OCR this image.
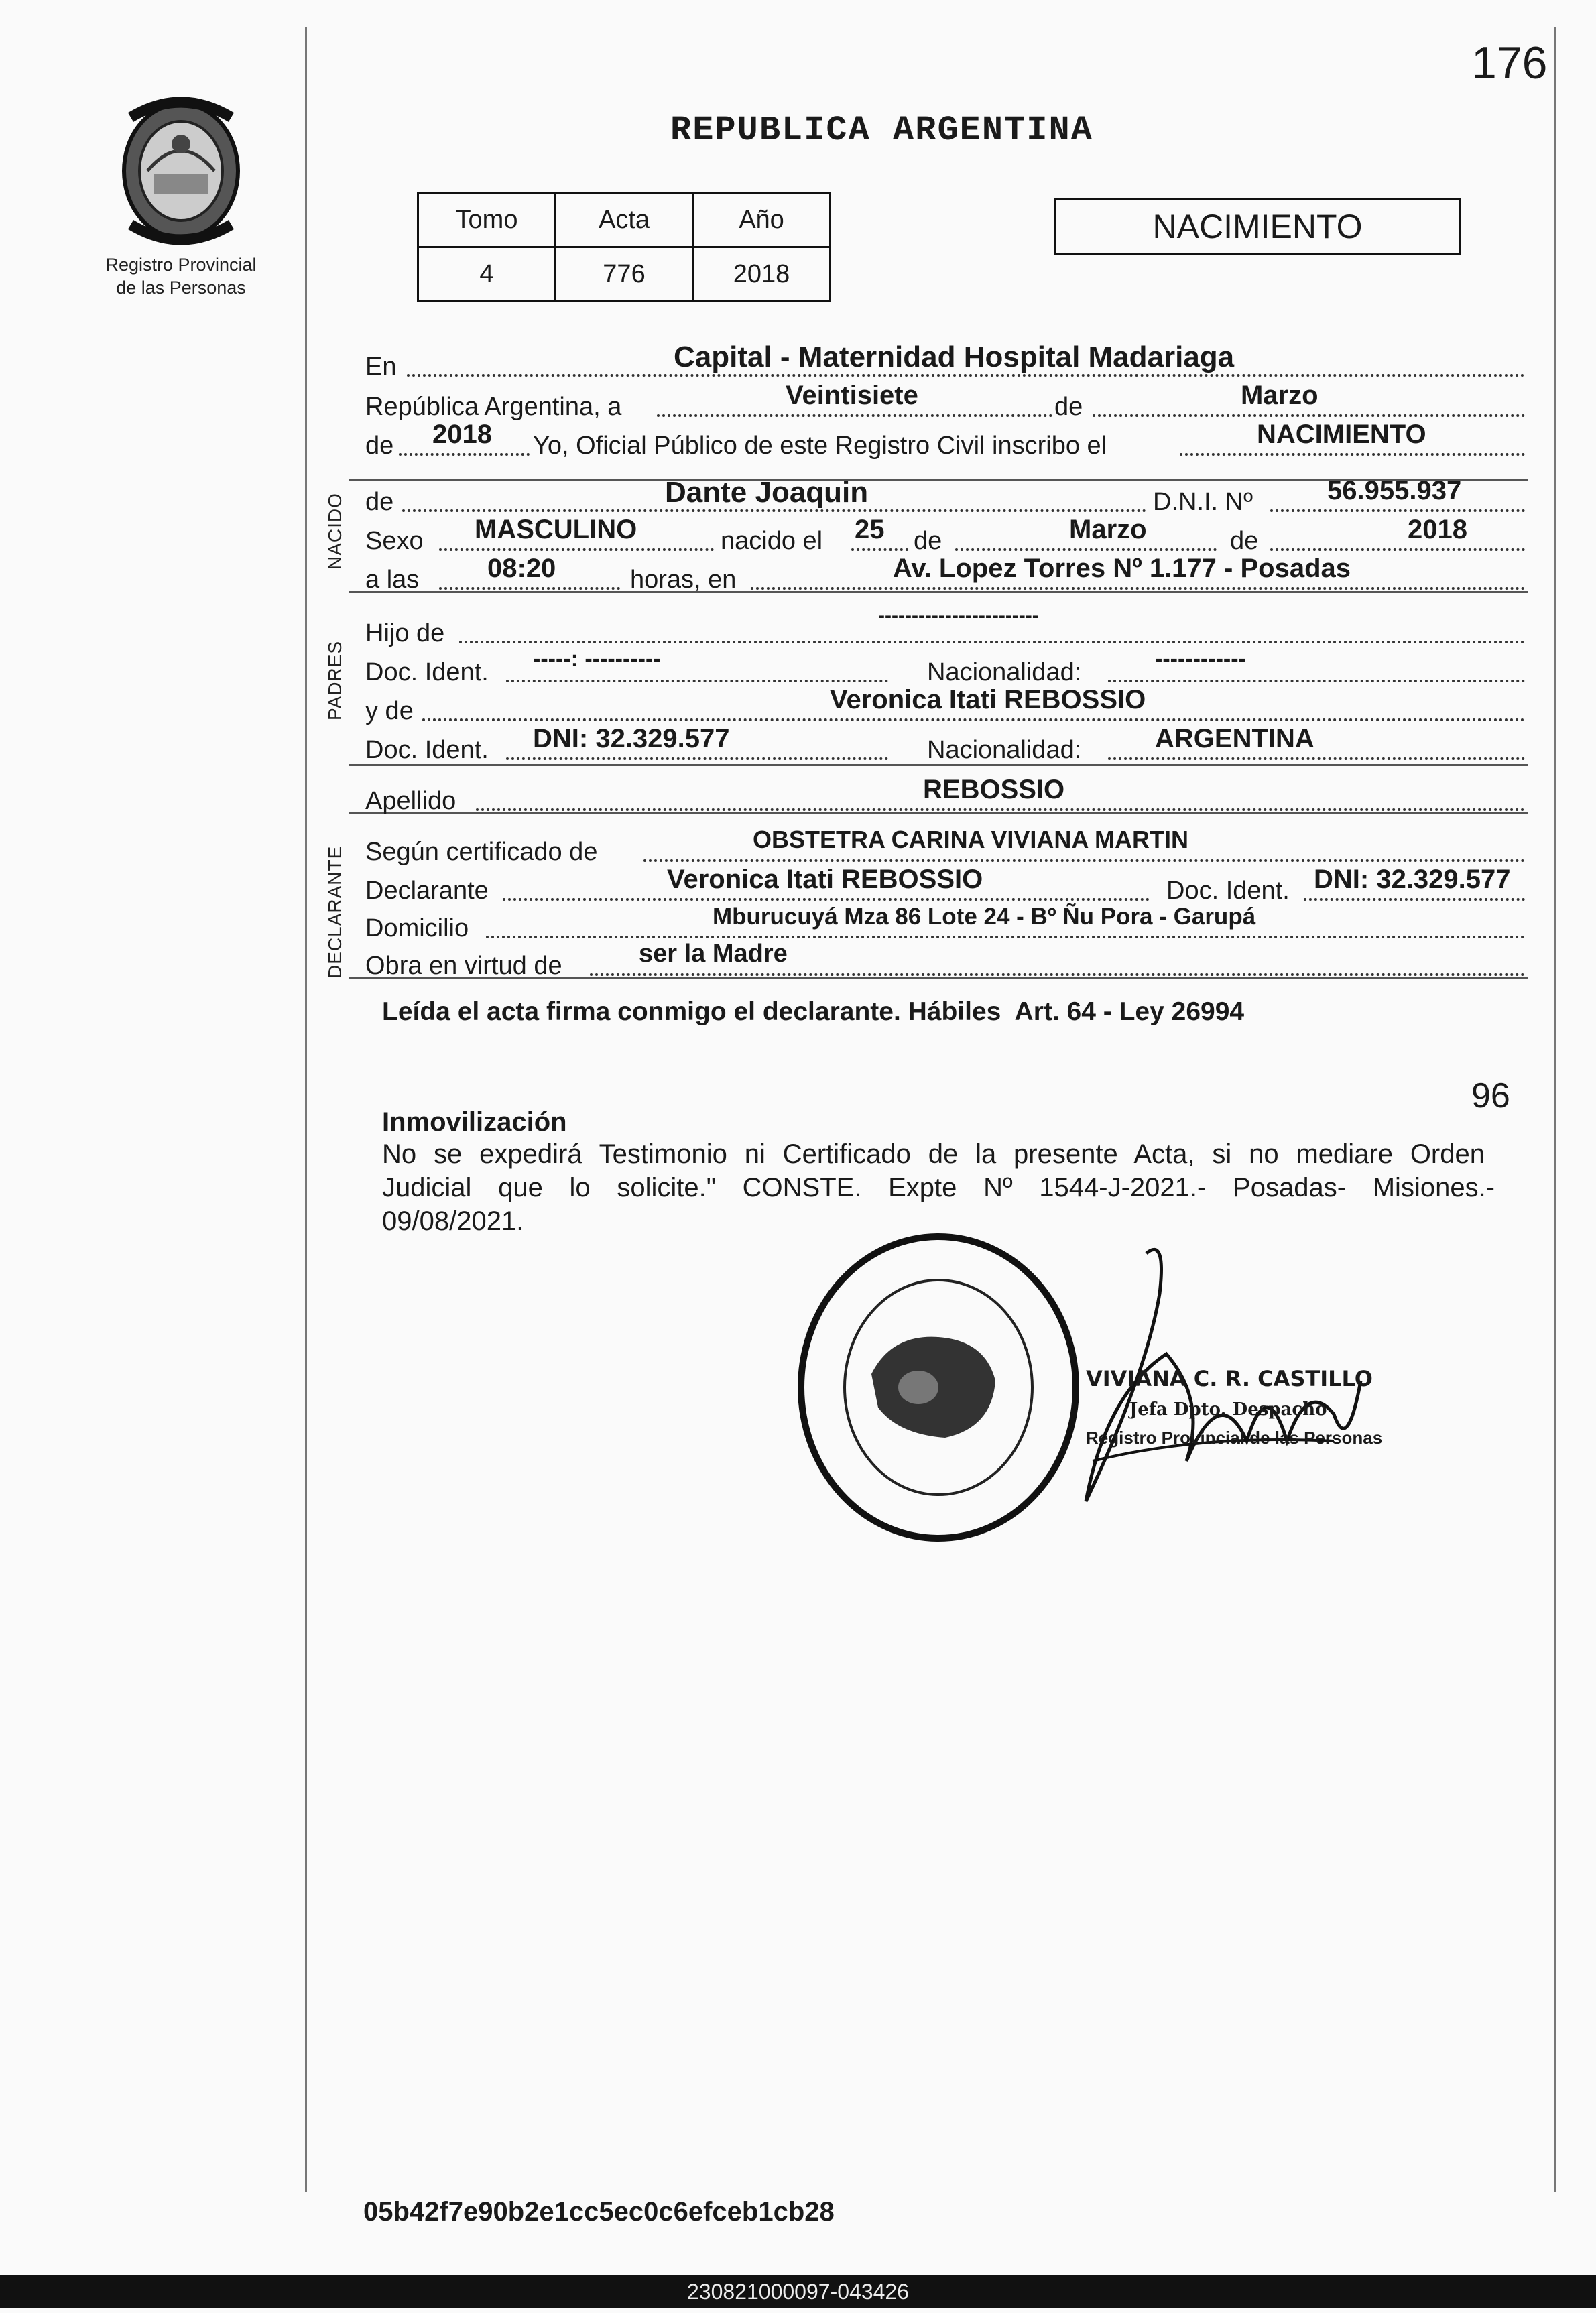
176
Registro Provincial
de las Personas
REPUBLICA ARGENTINA
Tomo	Acta	Año
4	776	2018
NACIMIENTO
NACIDO
PADRES
DECLARANTE
En	Capital - Maternidad Hospital Madariaga
República Argentina, a	Veintisiete	de	Marzo
de 2018 Yo, Oficial Público de este Registro Civil inscribo el	NACIMIENTO
de	Dante Joaquin	D.N.I. Nº	56.955.937
Sexo MASCULINO	nacido el 25 de	Marzo	de	2018
a las	08:20	horas, en	Av. Lopez Torres Nº 1.177 - Posadas
Hijo de
------------------------
Doc. Ident. -----: ----------	Nacionalidad:	------------
y de	Veronica Itati REBOSSIO
Doc. Ident. DNI: 32.329.577	Nacionalidad:	ARGENTINA
Apellido	REBOSSIO
Según certificado de	OBSTETRA CARINA VIVIANA MARTIN
Declarante	Veronica Itati REBOSSIO	Doc. Ident. DNI: 32.329.577
Domicilio	Mburucuyá Mza 86 Lote 24 - Bº Ñu Pora - Garupá
Obra en virtud de	ser la Madre
Leída el acta firma conmigo el declarante. Hábiles  Art. 64 - Ley 26994
96
Inmovilización
No se expedirá Testimonio ni Certificado de la presente Acta, si no mediare Orden
Judicial que lo solicite." CONSTE. Expte Nº 1544-J-2021.- Posadas- Misiones.-
09/08/2021.
VIVIANA C. R. CASTILLO
Jefa Dpto. Despacho
Registro Provincial de las Personas
05b42f7e90b2e1cc5ec0c6efceb1cb28
230821000097-043426
